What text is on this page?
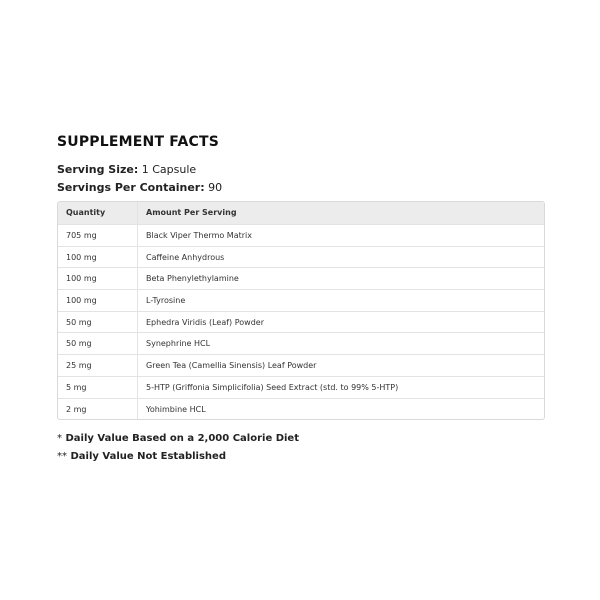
SUPPLEMENT FACTS
Serving Size: 1 Capsule
Servings Per Container: 90
Quantity	Amount Per Serving
705 mg	Black Viper Thermo Matrix
100 mg	Caffeine Anhydrous
100 mg	Beta Phenylethylamine
100 mg	L-Tyrosine
50 mg	Ephedra Viridis (Leaf) Powder
50 mg	Synephrine HCL
25 mg	Green Tea (Camellia Sinensis) Leaf Powder
5 mg	5-HTP (Griffonia Simplicifolia) Seed Extract (std. to 99% 5-HTP)
2 mg	Yohimbine HCL
* Daily Value Based on a 2,000 Calorie Diet
** Daily Value Not Established
